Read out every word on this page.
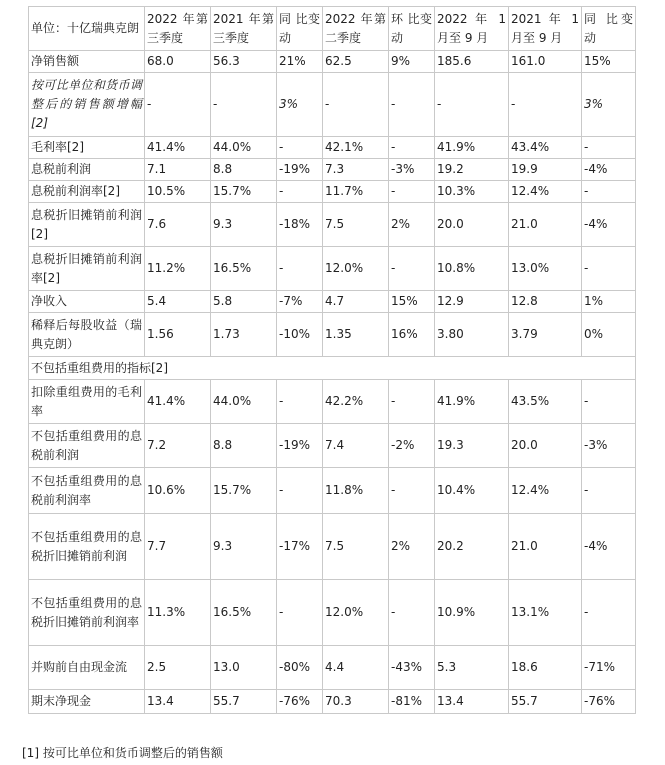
单位：十亿瑞典克朗	2022 年第三季度	2021 年第三季度	同 比变动	2022 年第二季度	环 比变动	2022 年 1 月至 9 月	2021 年 1 月至 9 月	同 比变动
净销售额	68.0	56.3	21%	62.5	9%	185.6	161.0	15%
按可比单位和货币调整后的销售额增幅[2]	-	-	3%	-	-	-	-	3%
毛利率[2]	41.4%	44.0%	-	42.1%	-	41.9%	43.4%	-
息税前利润	7.1	8.8	-19%	7.3	-3%	19.2	19.9	-4%
息税前利润率[2]	10.5%	15.7%	-	11.7%	-	10.3%	12.4%	-
息税折旧摊销前利润[2]	7.6	9.3	-18%	7.5	2%	20.0	21.0	-4%
息税折旧摊销前利润率[2]	11.2%	16.5%	-	12.0%	-	10.8%	13.0%	-
净收入	5.4	5.8	-7%	4.7	15%	12.9	12.8	1%
稀释后每股收益（瑞典克朗）	1.56	1.73	-10%	1.35	16%	3.80	3.79	0%
不包括重组费用的指标[2]								
扣除重组费用的毛利率	41.4%	44.0%	-	42.2%	-	41.9%	43.5%	-
不包括重组费用的息税前利润	7.2	8.8	-19%	7.4	-2%	19.3	20.0	-3%
不包括重组费用的息税前利润率	10.6%	15.7%	-	11.8%	-	10.4%	12.4%	-
不包括重组费用的息税折旧摊销前利润	7.7	9.3	-17%	7.5	2%	20.2	21.0	-4%
不包括重组费用的息税折旧摊销前利润率	11.3%	16.5%	-	12.0%	-	10.9%	13.1%	-
并购前自由现金流	2.5	13.0	-80%	4.4	-43%	5.3	18.6	-71%
期末净现金	13.4	55.7	-76%	70.3	-81%	13.4	55.7	-76%
[1] 按可比单位和货币调整后的销售额
